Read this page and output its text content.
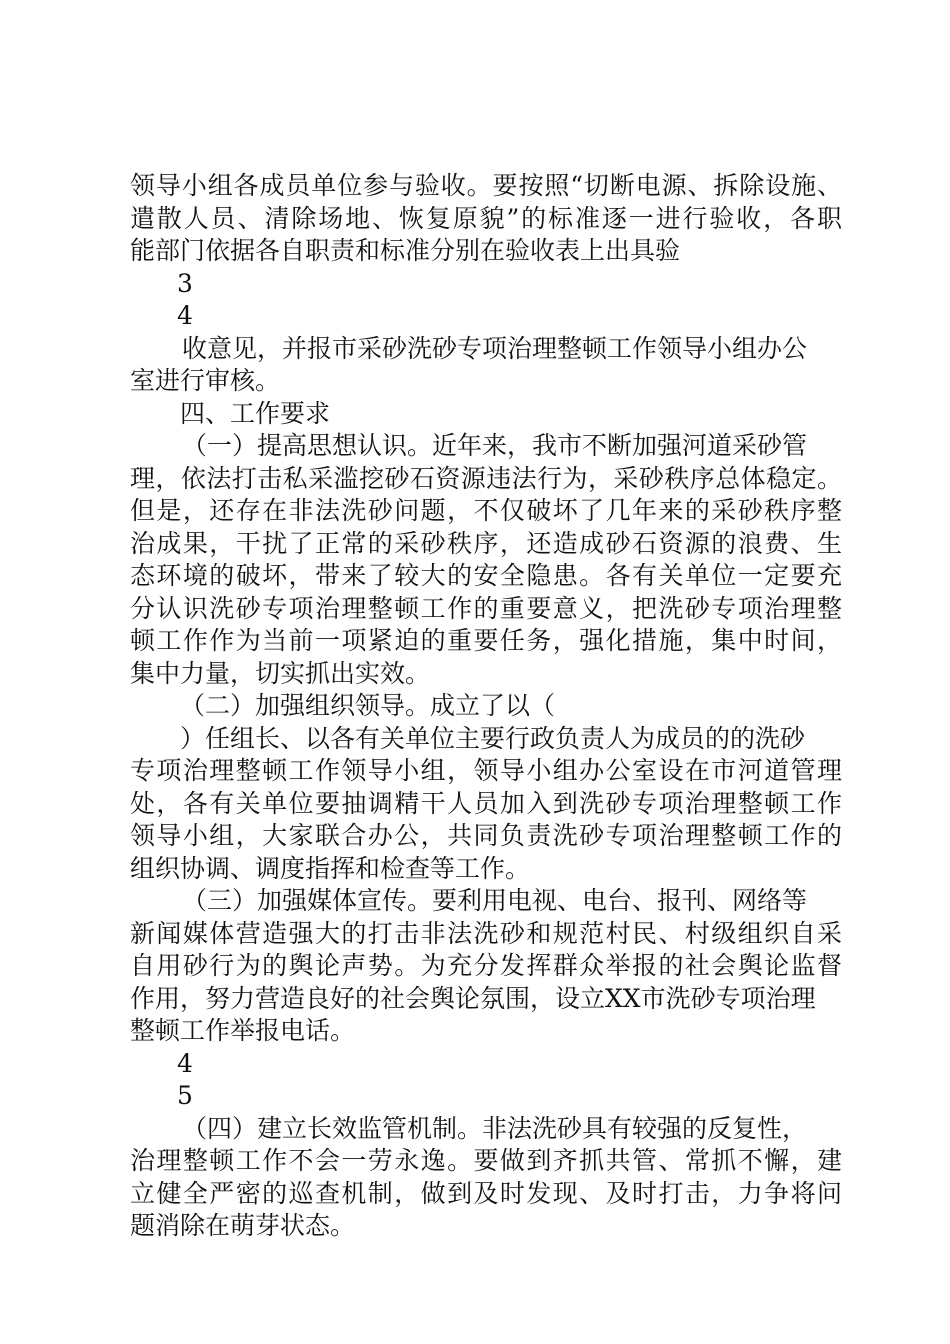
领导小组各成员单位参与验收。要按照“切断电源、拆除设施、
遣散人员、清除场地、恢复原貌”的标准逐一进行验收，各职
能部门依据各自职责和标准分别在验收表上出具验
3
4
收意见，并报市采砂洗砂专项治理整顿工作领导小组办公
室进行审核。
四、工作要求
（一）提高思想认识。近年来，我市不断加强河道采砂管
理，依法打击私采滥挖砂石资源违法行为，采砂秩序总体稳定。
但是，还存在非法洗砂问题，不仅破坏了几年来的采砂秩序整
治成果，干扰了正常的采砂秩序，还造成砂石资源的浪费、生
态环境的破坏，带来了较大的安全隐患。各有关单位一定要充
分认识洗砂专项治理整顿工作的重要意义，把洗砂专项治理整
顿工作作为当前一项紧迫的重要任务，强化措施，集中时间，
集中力量，切实抓出实效。
（二）加强组织领导。成立了以（
）任组长、以各有关单位主要行政负责人为成员的的洗砂
专项治理整顿工作领导小组，领导小组办公室设在市河道管理
处，各有关单位要抽调精干人员加入到洗砂专项治理整顿工作
领导小组，大家联合办公，共同负责洗砂专项治理整顿工作的
组织协调、调度指挥和检查等工作。
（三）加强媒体宣传。要利用电视、电台、报刊、网络等
新闻媒体营造强大的打击非法洗砂和规范村民、村级组织自采
自用砂行为的舆论声势。为充分发挥群众举报的社会舆论监督
作用，努力营造良好的社会舆论氛围，设立XX市洗砂专项治理
整顿工作举报电话。
4
5
（四）建立长效监管机制。非法洗砂具有较强的反复性，
治理整顿工作不会一劳永逸。要做到齐抓共管、常抓不懈，建
立健全严密的巡查机制，做到及时发现、及时打击，力争将问
题消除在萌芽状态。
